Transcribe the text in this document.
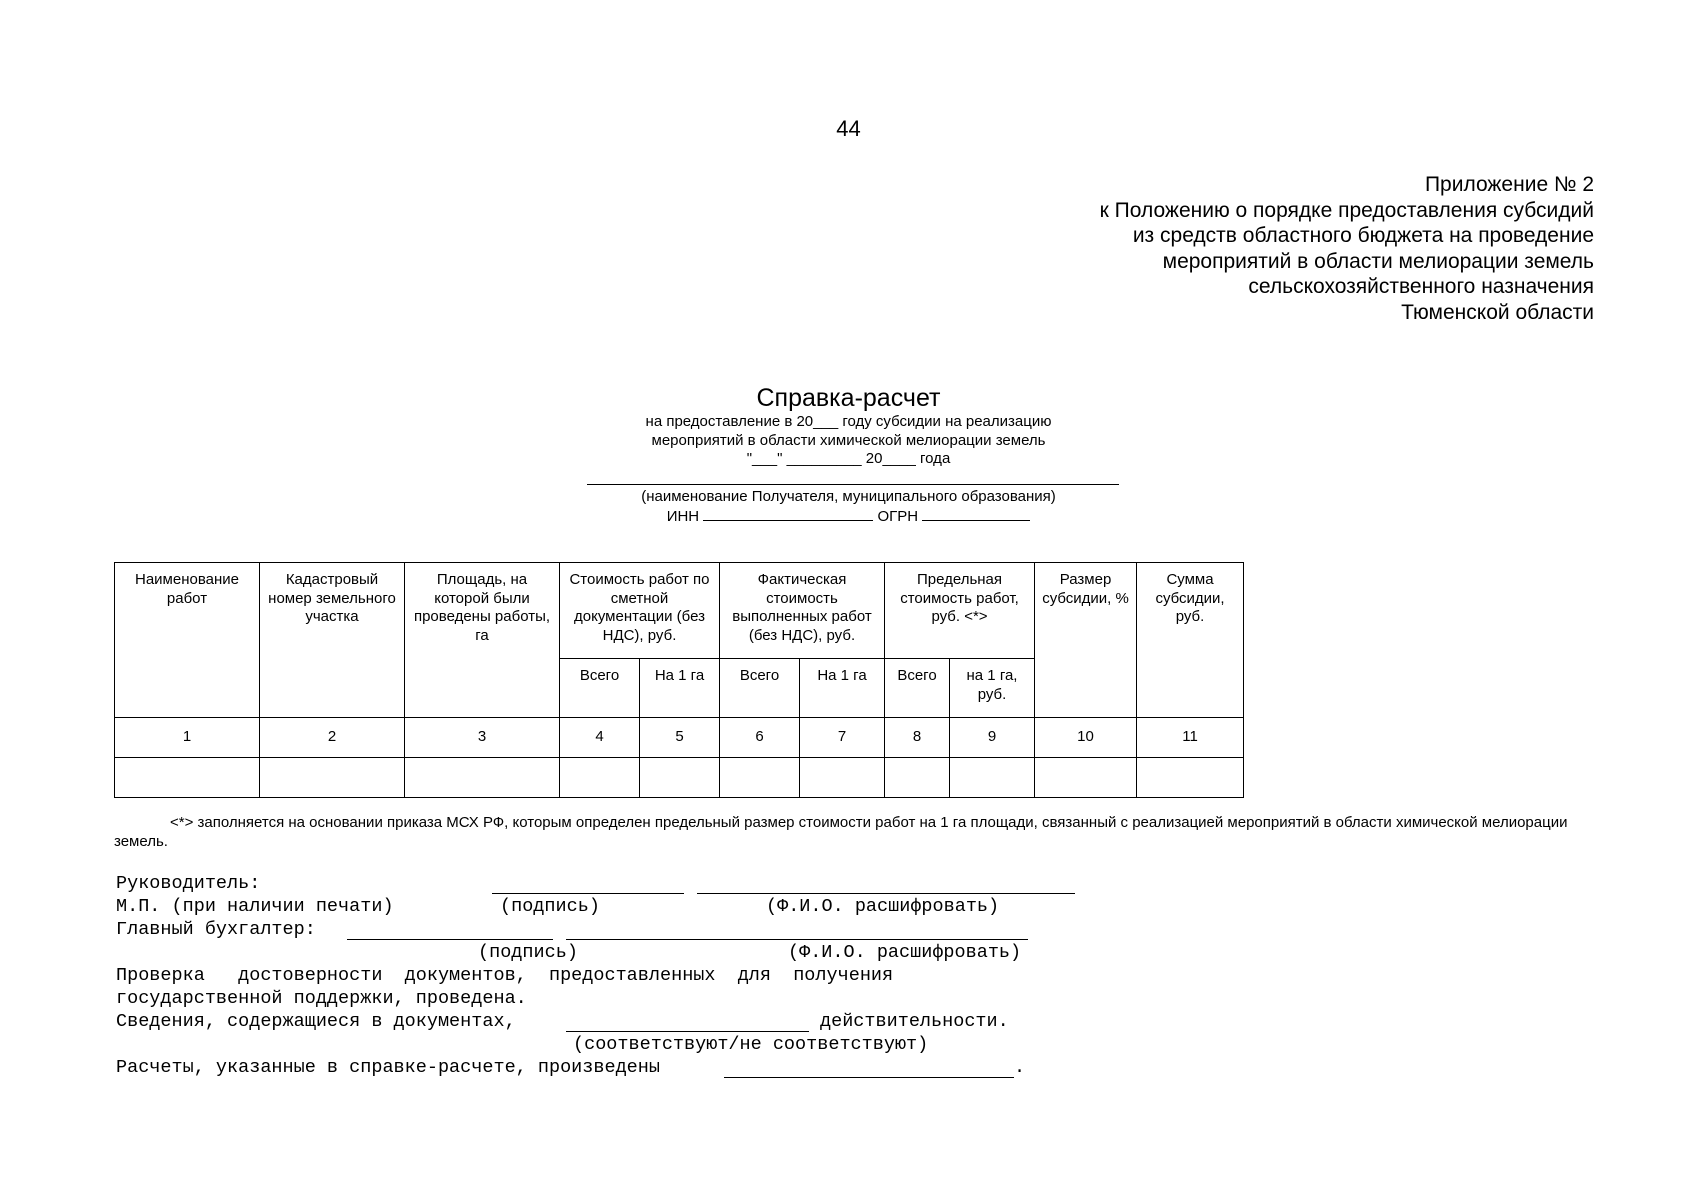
44
Приложение № 2
к Положению о порядке предоставления субсидий
из средств областного бюджета на проведение
мероприятий в области мелиорации земель
сельскохозяйственного назначения
Тюменской области
Справка-расчет
на предоставление в 20___ году субсидии на реализацию
мероприятий в области химической мелиорации земель
"___" _________ 20____ года
(наименование Получателя, муниципального образования)
ИНН	ОГРН
Наименование работ	Кадастровый номер земельного участка	Площадь, на которой были проведены работы, га	Стоимость работ по сметной документации (без НДС), руб.		Фактическая стоимость выполненных работ (без НДС), руб.		Предельная стоимость работ, руб. <*>		Размер субсидии, %	Сумма субсидии, руб.
			Всего	На 1 га	Всего	На 1 га	Всего	на 1 га, руб.		
1	2	3	4	5	6	7	8	9	10	11

<*> заполняется на основании приказа МСХ РФ, которым определен предельный размер стоимости работ на 1 га площади, связанный с реализацией мероприятий в области химической мелиорации земель.
Руководитель:
М.П. (при наличии печати)	(подпись)	(Ф.И.О. расшифровать)
Главный бухгалтер:
(подпись)	(Ф.И.О. расшифровать)
Проверка   достоверности  документов,  предоставленных  для  получения
государственной поддержки, проведена.
Сведения, содержащиеся в документах,	действительности.
(соответствуют/не соответствуют)
Расчеты, указанные в справке-расчете, произведены	.
